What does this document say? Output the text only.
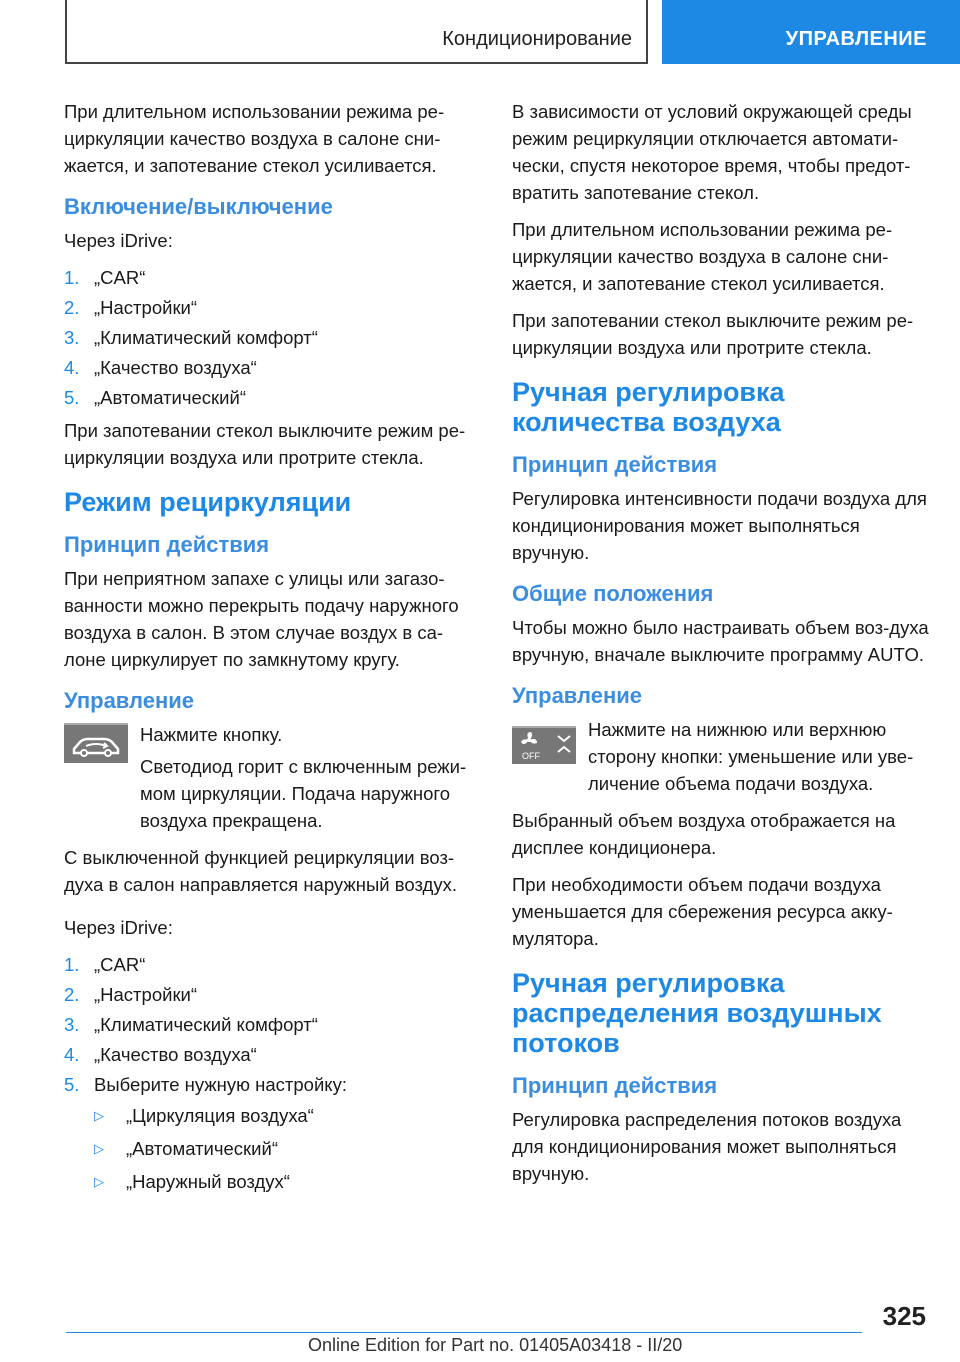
Кондиционирование	УПРАВЛЕНИЕ

При длительном использовании режима ре-циркуляции качество воздуха в салоне сни-жается, и запотевание стекол усиливается.

Включение/выключение

Через iDrive:

1. „CAR“
2. „Настройки“
3. „Климатический комфорт“
4. „Качество воздуха“
5. „Автоматический“

При запотевании стекол выключите режим ре-циркуляции воздуха или протрите стекла.

Режим рециркуляции
Принцип действия

При неприятном запахе с улицы или загазо-ванности можно перекрыть подачу наружного воздуха в салон. В этом случае воздух в са-лоне циркулирует по замкнутому кругу.

Управление

Нажмите кнопку.

Светодиод горит с включенным режи-мом циркуляции. Подача наружного воздуха прекращена.

С выключенной функцией рециркуляции воз-духа в салон направляется наружный воздух.

Через iDrive:

1. „CAR“
2. „Настройки“
3. „Климатический комфорт“
4. „Качество воздуха“
5. Выберите нужную настройку:
▷ „Циркуляция воздуха“
▷ „Автоматический“
▷ „Наружный воздух“

В зависимости от условий окружающей среды режим рециркуляции отключается автомати-чески, спустя некоторое время, чтобы предот-вратить запотевание стекол.

При длительном использовании режима ре-циркуляции качество воздуха в салоне сни-жается, и запотевание стекол усиливается.

При запотевании стекол выключите режим ре-циркуляции воздуха или протрите стекла.

Ручная регулировка количества воздуха
Принцип действия

Регулировка интенсивности подачи воздуха для кондиционирования может выполняться вручную.

Общие положения

Чтобы можно было настраивать объем воз-духа вручную, вначале выключите программу AUTO.

Управление
OFF

Нажмите на нижнюю или верхнюю сторону кнопки: уменьшение или уве-личение объема подачи воздуха.

Выбранный объем воздуха отображается на дисплее кондиционера.

При необходимости объем подачи воздуха уменьшается для сбережения ресурса акку-мулятора.

Ручная регулировка распределения воздушных потоков
Принцип действия

Регулировка распределения потоков воздуха для кондиционирования может выполняться вручную.

325
Online Edition for Part no. 01405A03418 - II/20
